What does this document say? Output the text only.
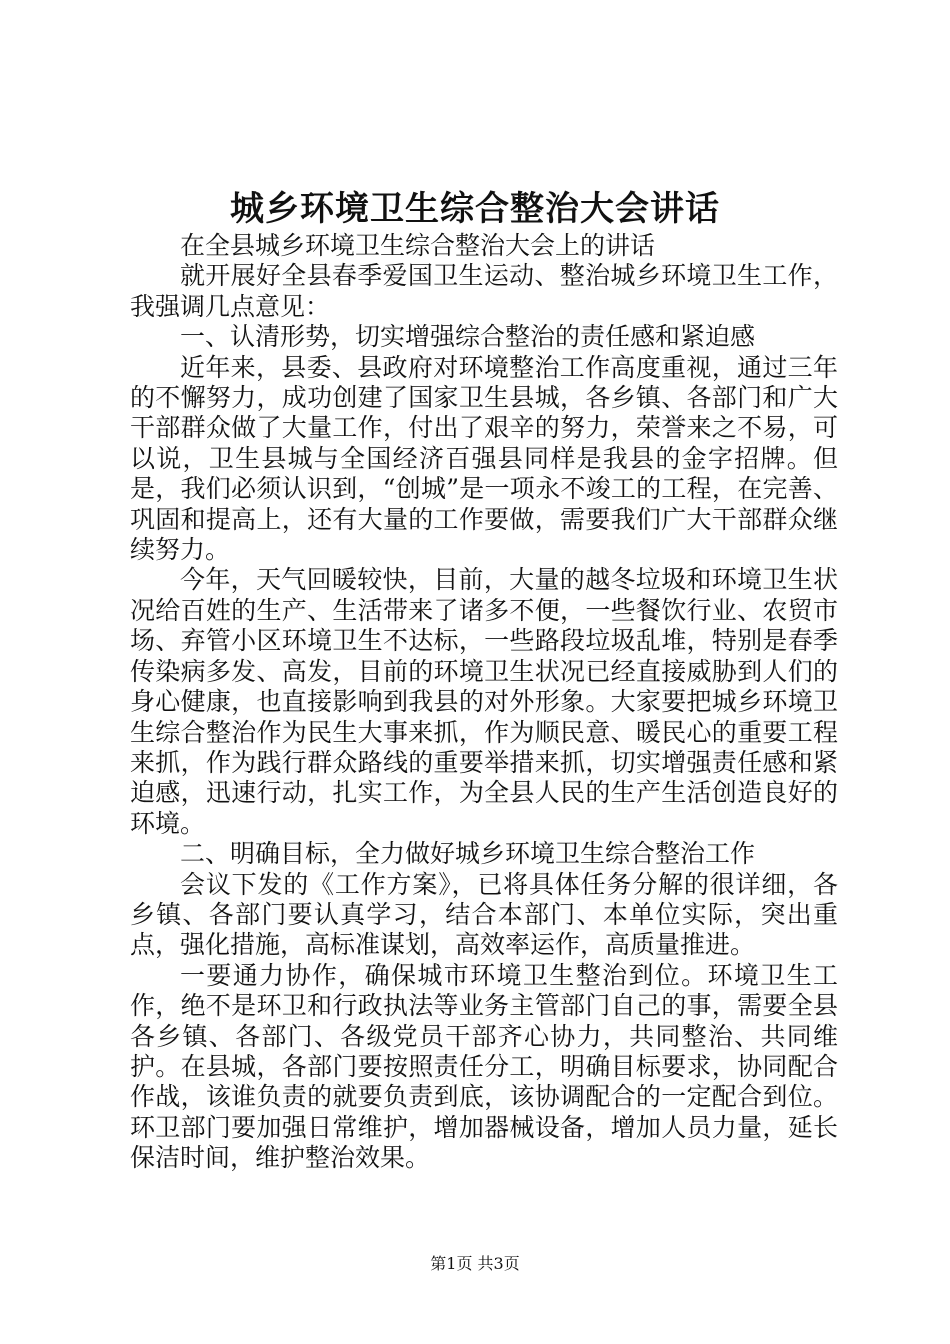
城乡环境卫生综合整治大会讲话

在全县城乡环境卫生综合整治大会上的讲话

就开展好全县春季爱国卫生运动、整治城乡环境卫生工作，我强调几点意见：

一、认清形势，切实增强综合整治的责任感和紧迫感

近年来，县委、县政府对环境整治工作高度重视，通过三年的不懈努力，成功创建了国家卫生县城，各乡镇、各部门和广大干部群众做了大量工作，付出了艰辛的努力，荣誉来之不易，可以说，卫生县城与全国经济百强县同样是我县的金字招牌。但是，我们必须认识到，“创城”是一项永不竣工的工程，在完善、巩固和提高上，还有大量的工作要做，需要我们广大干部群众继续努力。

今年，天气回暖较快，目前，大量的越冬垃圾和环境卫生状况给百姓的生产、生活带来了诸多不便，一些餐饮行业、农贸市场、弃管小区环境卫生不达标，一些路段垃圾乱堆，特别是春季传染病多发、高发，目前的环境卫生状况已经直接威胁到人们的身心健康，也直接影响到我县的对外形象。大家要把城乡环境卫生综合整治作为民生大事来抓，作为顺民意、暖民心的重要工程来抓，作为践行群众路线的重要举措来抓，切实增强责任感和紧迫感，迅速行动，扎实工作，为全县人民的生产生活创造良好的环境。

二、明确目标，全力做好城乡环境卫生综合整治工作

会议下发的《工作方案》，已将具体任务分解的很详细，各乡镇、各部门要认真学习，结合本部门、本单位实际，突出重点，强化措施，高标准谋划，高效率运作，高质量推进。

一要通力协作，确保城市环境卫生整治到位。环境卫生工作，绝不是环卫和行政执法等业务主管部门自己的事，需要全县各乡镇、各部门、各级党员干部齐心协力，共同整治、共同维护。在县城，各部门要按照责任分工，明确目标要求，协同配合作战，该谁负责的就要负责到底，该协调配合的一定配合到位。环卫部门要加强日常维护，增加器械设备，增加人员力量，延长保洁时间，维护整治效果。

第1页 共3页
